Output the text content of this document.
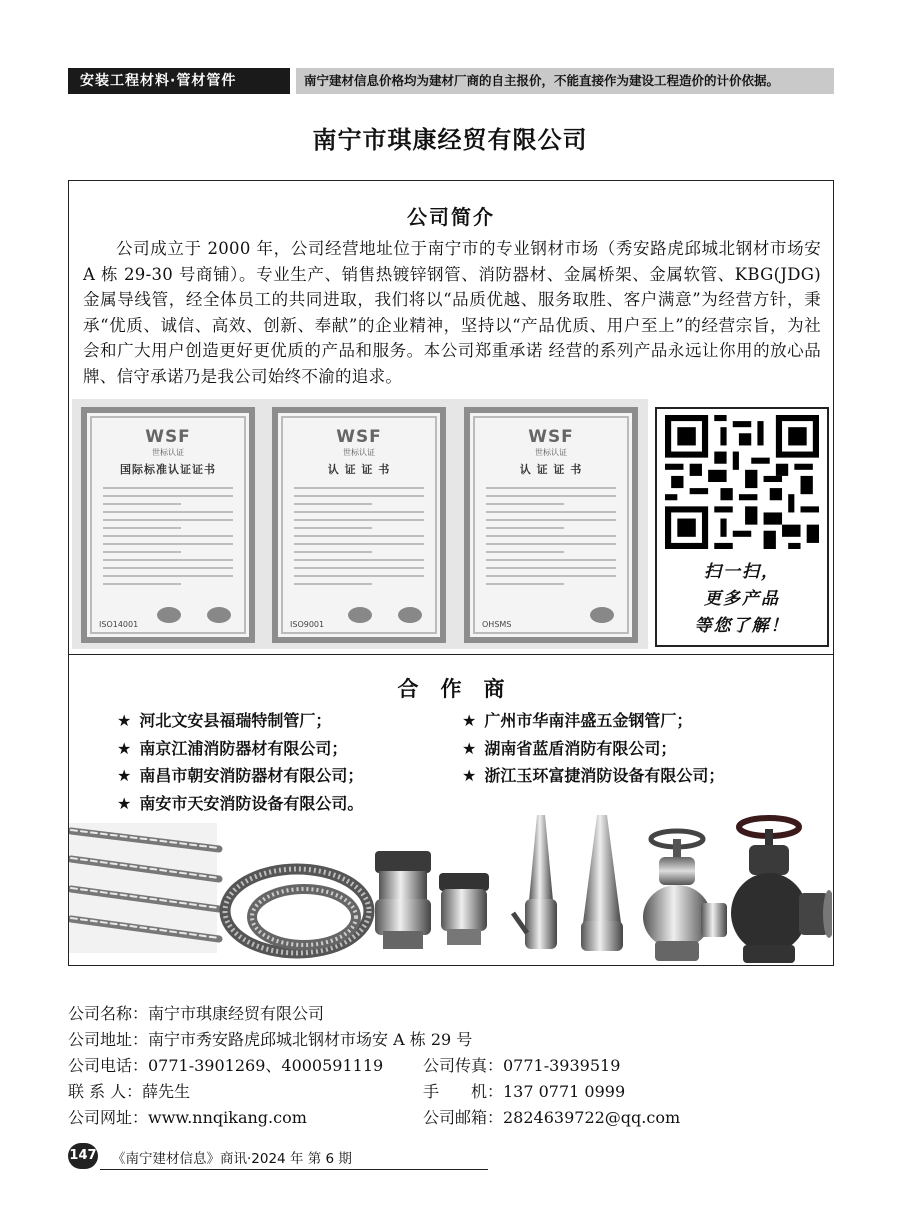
安装工程材料·管材管件	南宁建材信息价格均为建材厂商的自主报价，不能直接作为建设工程造价的计价依据。
南宁市琪康经贸有限公司
公司简介

公司成立于 2000 年，公司经营地址位于南宁市的专业钢材市场（秀安路虎邱城北钢材市场安 A 栋 29-30 号商铺）。专业生产、销售热镀锌钢管、消防器材、金属桥架、金属软管、KBG(JDG)金属导线管，经全体员工的共同进取，我们将以“品质优越、服务取胜、客户满意”为经营方针，秉承“优质、诚信、高效、创新、奉献”的企业精神，坚持以“产品优质、用户至上”的经营宗旨，为社会和广大用户创造更好更优质的产品和服务。本公司郑重承诺 经营的系列产品永远让你用的放心品牌、信守承诺乃是我公司始终不渝的追求。

WSF
世标认证
国际标准认证证书
ISO14001
WSF
世标认证
认 证 证 书
ISO9001
WSF
世标认证
认 证 证 书
OHSMS
扫一扫，
更多产品
等您了解！
合作商
★ 河北文安县福瑞特制管厂；
★ 南京江浦消防器材有限公司；
★ 南昌市朝安消防器材有限公司；
★ 南安市天安消防设备有限公司。
★ 广州市华南沣盛五金钢管厂；
★ 湖南省蓝盾消防有限公司；
★ 浙江玉环富捷消防设备有限公司；
公司名称：南宁市琪康经贸有限公司
公司地址：南宁市秀安路虎邱城北钢材市场安 A 栋 29 号
公司电话：0771-3901269、4000591119 公司传真：0771-3939519
联 系 人：薛先生	手　　机：137 0771 0999
公司网址：www.nnqikang.com	公司邮箱：2824639722@qq.com
147 《南宁建材信息》商讯·2024 年 第 6 期
